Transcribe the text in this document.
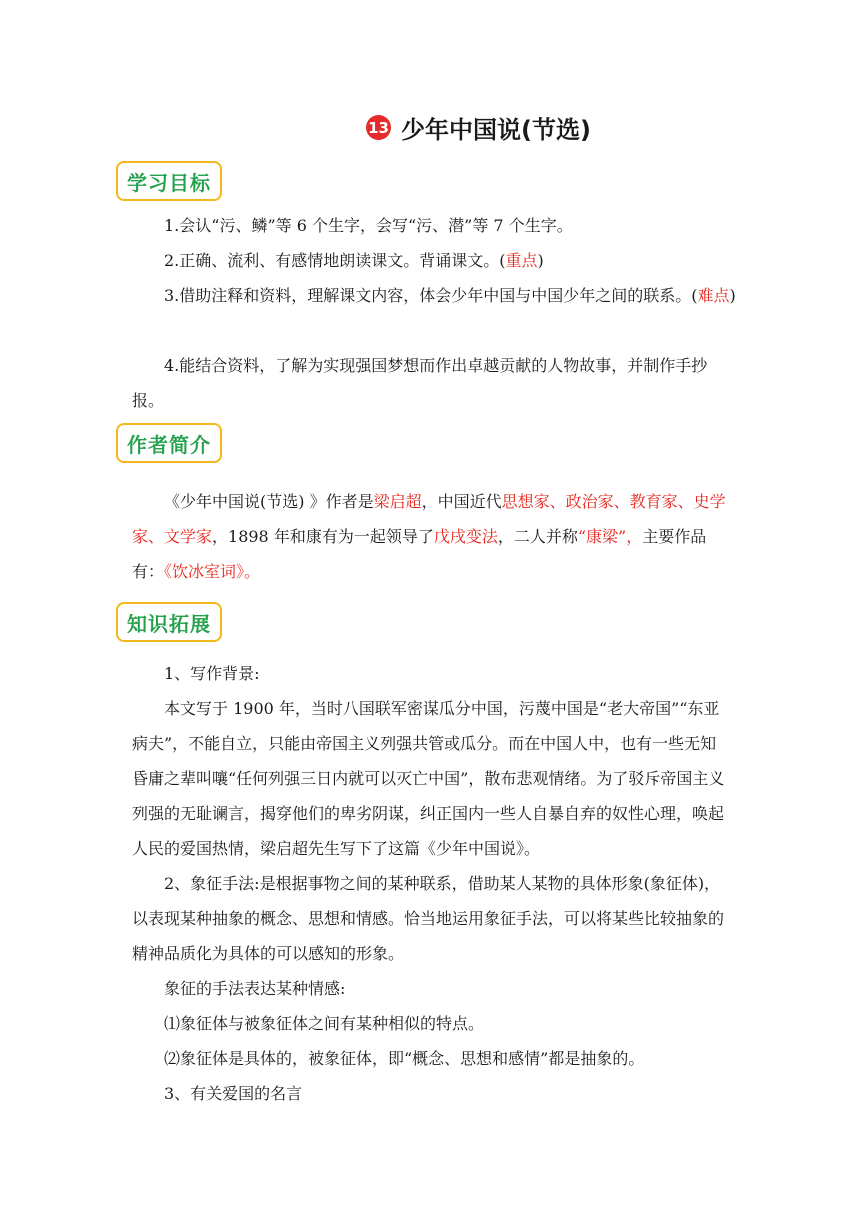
13 少年中国说(节选)
学习目标

1.会认“污、鳞”等 6 个生字，会写“污、潜”等 7 个生字。

2.正确、流利、有感情地朗读课文。背诵课文。(重点)

3.借助注释和资料，理解课文内容，体会少年中国与中国少年之间的联系。(难点)

4.能结合资料，了解为实现强国梦想而作出卓越贡献的人物故事，并制作手抄报。

作者简介

《少年中国说(节选) 》作者是梁启超，中国近代思想家、政治家、教育家、史学家、文学家，1898 年和康有为一起领导了戊戌变法，二人并称“康梁”，主要作品有：《饮冰室词》。

知识拓展

1、写作背景:

本文写于 1900 年，当时八国联军密谋瓜分中国，污蔑中国是“老大帝国”“东亚病夫”，不能自立，只能由帝国主义列强共管或瓜分。而在中国人中，也有一些无知昏庸之辈叫嚷“任何列强三日内就可以灭亡中国”，散布悲观情绪。为了驳斥帝国主义列强的无耻谰言，揭穿他们的卑劣阴谋，纠正国内一些人自暴自弃的奴性心理，唤起人民的爱国热情，梁启超先生写下了这篇《少年中国说》。

2、象征手法:是根据事物之间的某种联系，借助某人某物的具体形象(象征体)，以表现某种抽象的概念、思想和情感。恰当地运用象征手法，可以将某些比较抽象的精神品质化为具体的可以感知的形象。

象征的手法表达某种情感:

⑴象征体与被象征体之间有某种相似的特点。

⑵象征体是具体的，被象征体，即“概念、思想和感情”都是抽象的。

3、有关爱国的名言
